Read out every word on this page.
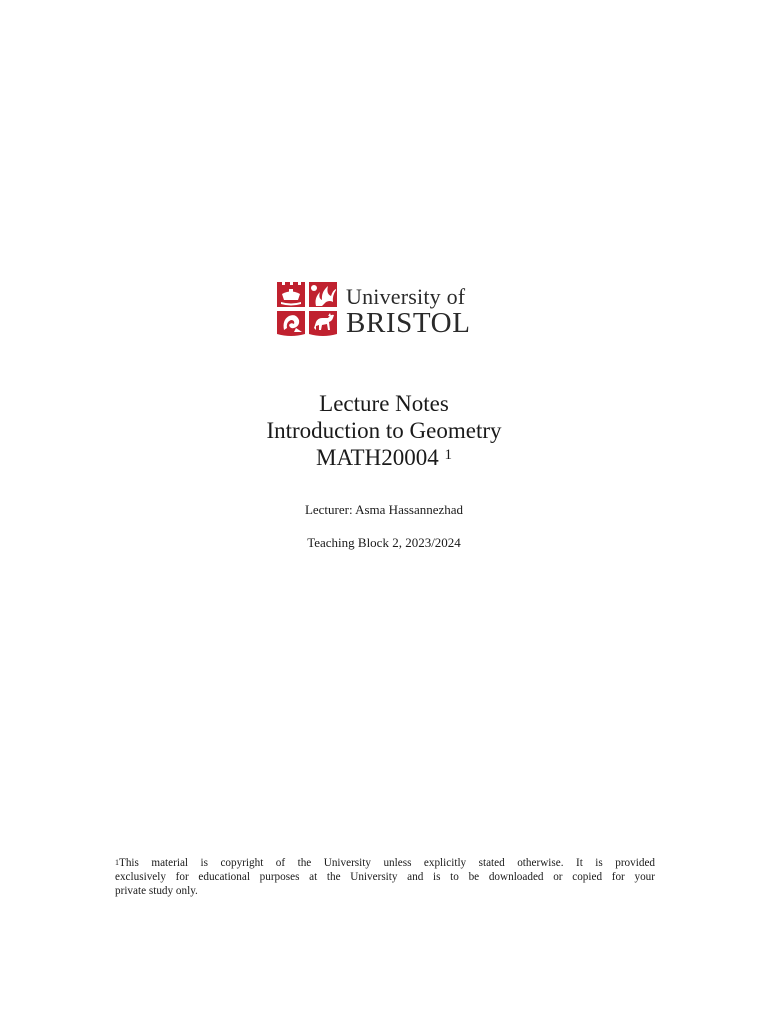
University of
BRISTOL
Lecture Notes
Introduction to Geometry
MATH20004 $^1$
Lecturer: Asma Hassannezhad
Teaching Block 2, 2023/2024
$^1$This material is copyright of the University unless explicitly stated otherwise. It is provided
exclusively for educational purposes at the University and is to be downloaded or copied for your
private study only.
